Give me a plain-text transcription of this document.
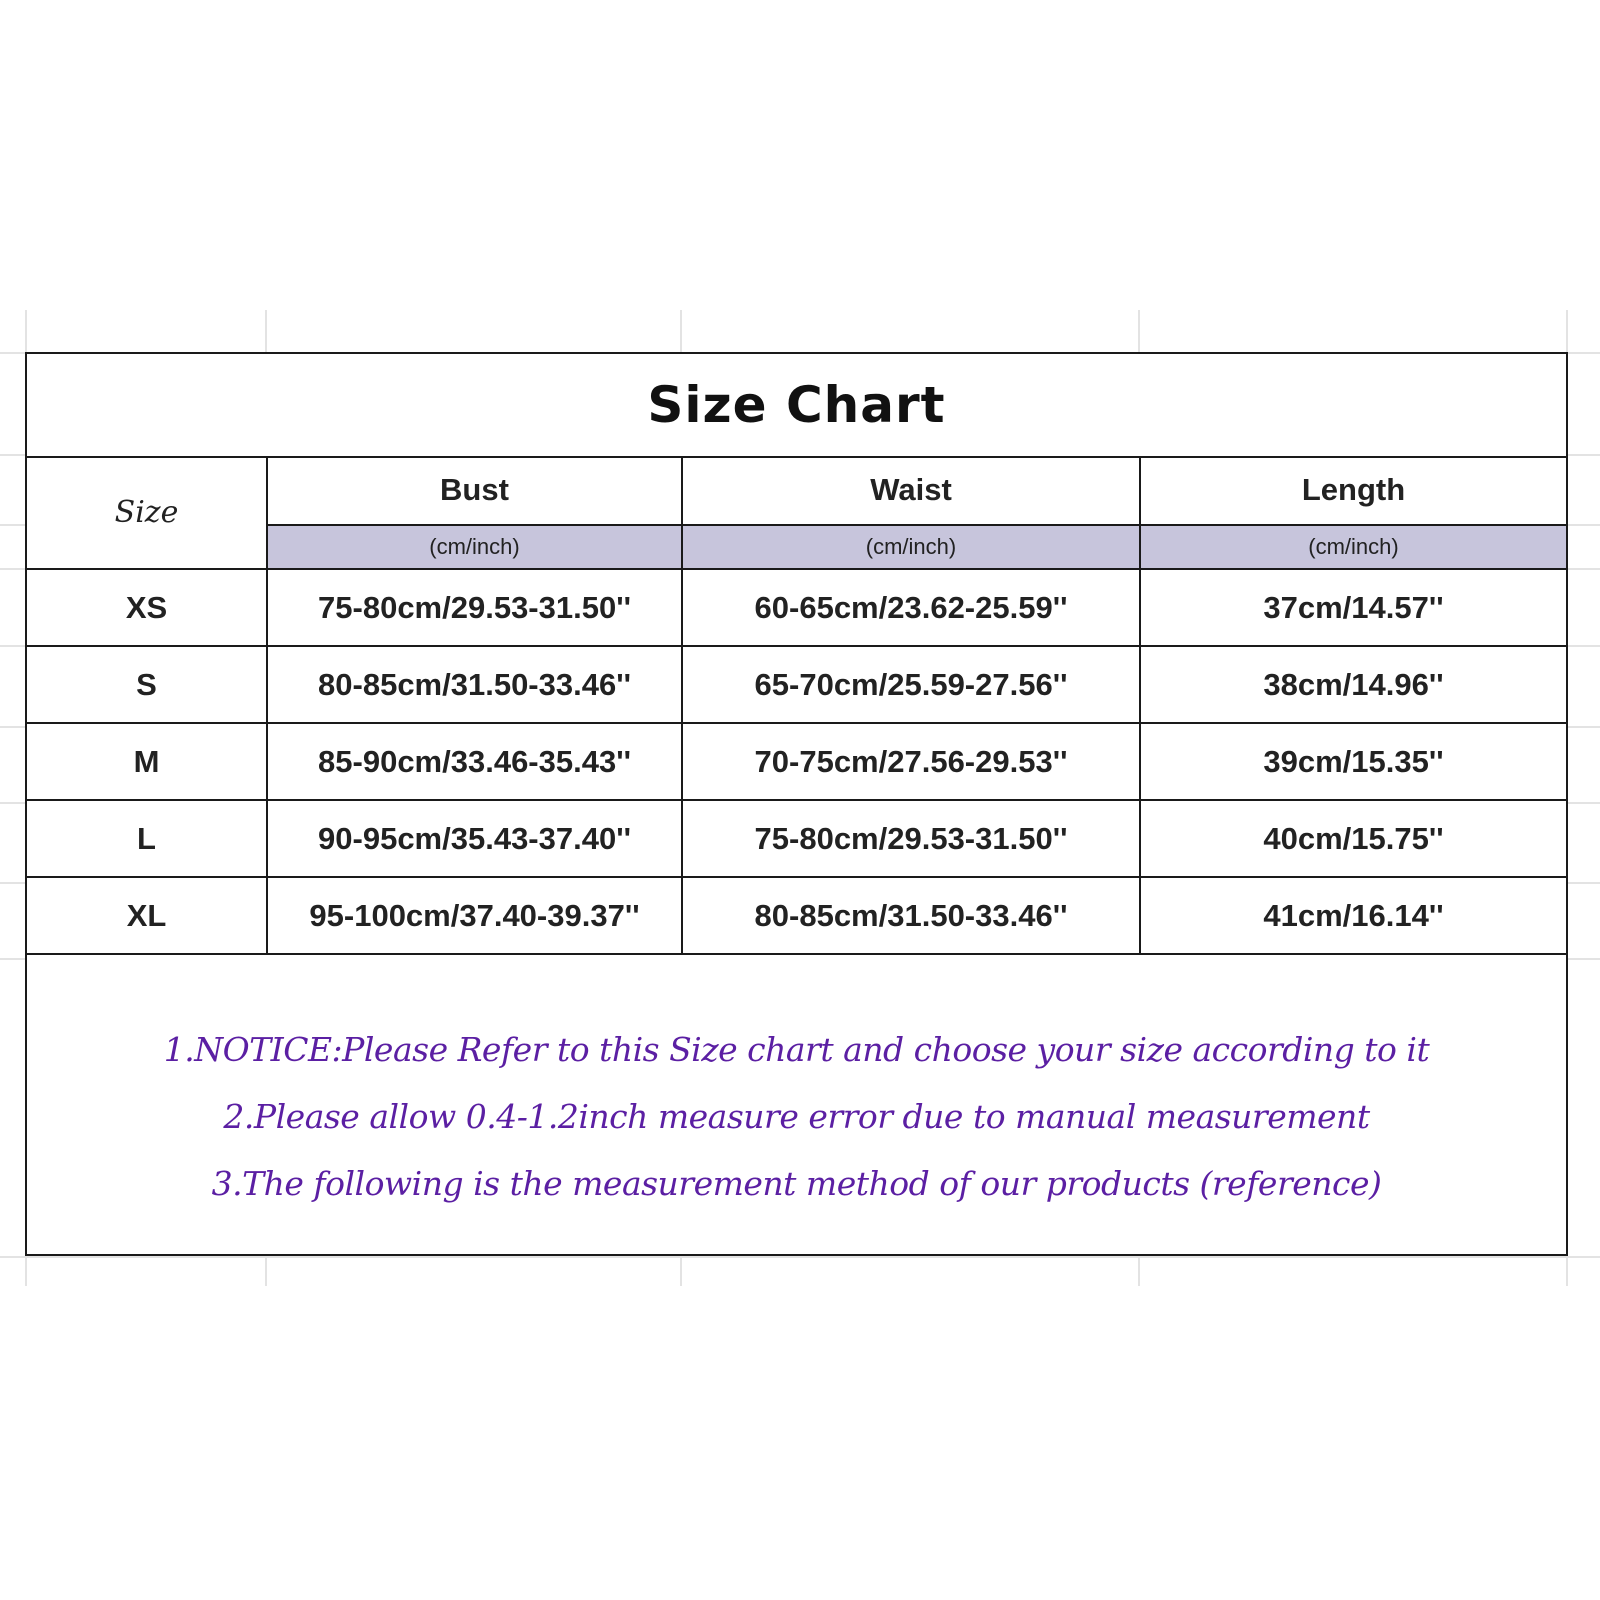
Size Chart
Size	Bust	Waist	Length
	(cm/inch)	(cm/inch)	(cm/inch)
XS	75-80cm/29.53-31.50''	60-65cm/23.62-25.59''	37cm/14.57''
S	80-85cm/31.50-33.46''	65-70cm/25.59-27.56''	38cm/14.96''
M	85-90cm/33.46-35.43''	70-75cm/27.56-29.53''	39cm/15.35''
L	90-95cm/35.43-37.40''	75-80cm/29.53-31.50''	40cm/15.75''
XL	95-100cm/37.40-39.37''	80-85cm/31.50-33.46''	41cm/16.14''
1.NOTICE:Please Refer to this Size chart and choose your size according to it
2.Please allow 0.4-1.2inch measure error due to manual measurement
3.The following is the measurement method of our products (reference)
